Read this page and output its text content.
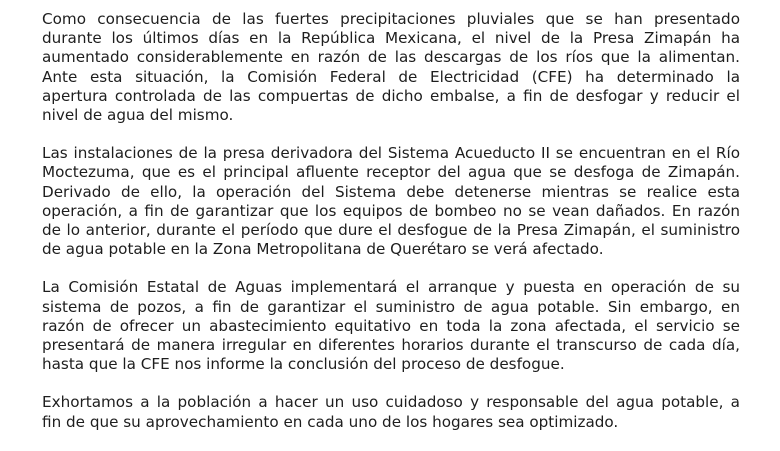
Como consecuencia de las fuertes precipitaciones pluviales que se han presentado
durante los últimos días en la República Mexicana, el nivel de la Presa Zimapán ha
aumentado considerablemente en razón de las descargas de los ríos que la alimentan.
Ante esta situación, la Comisión Federal de Electricidad (CFE) ha determinado la
apertura controlada de las compuertas de dicho embalse, a fin de desfogar y reducir el
nivel de agua del mismo.

Las instalaciones de la presa derivadora del Sistema Acueducto II se encuentran en el Río
Moctezuma, que es el principal afluente receptor del agua que se desfoga de Zimapán.
Derivado de ello, la operación del Sistema debe detenerse mientras se realice esta
operación, a fin de garantizar que los equipos de bombeo no se vean dañados. En razón
de lo anterior, durante el período que dure el desfogue de la Presa Zimapán, el suministro
de agua potable en la Zona Metropolitana de Querétaro se verá afectado.

La Comisión Estatal de Aguas implementará el arranque y puesta en operación de su
sistema de pozos, a fin de garantizar el suministro de agua potable. Sin embargo, en
razón de ofrecer un abastecimiento equitativo en toda la zona afectada, el servicio se
presentará de manera irregular en diferentes horarios durante el transcurso de cada día,
hasta que la CFE nos informe la conclusión del proceso de desfogue.

Exhortamos a la población a hacer un uso cuidadoso y responsable del agua potable, a
fin de que su aprovechamiento en cada uno de los hogares sea optimizado.
